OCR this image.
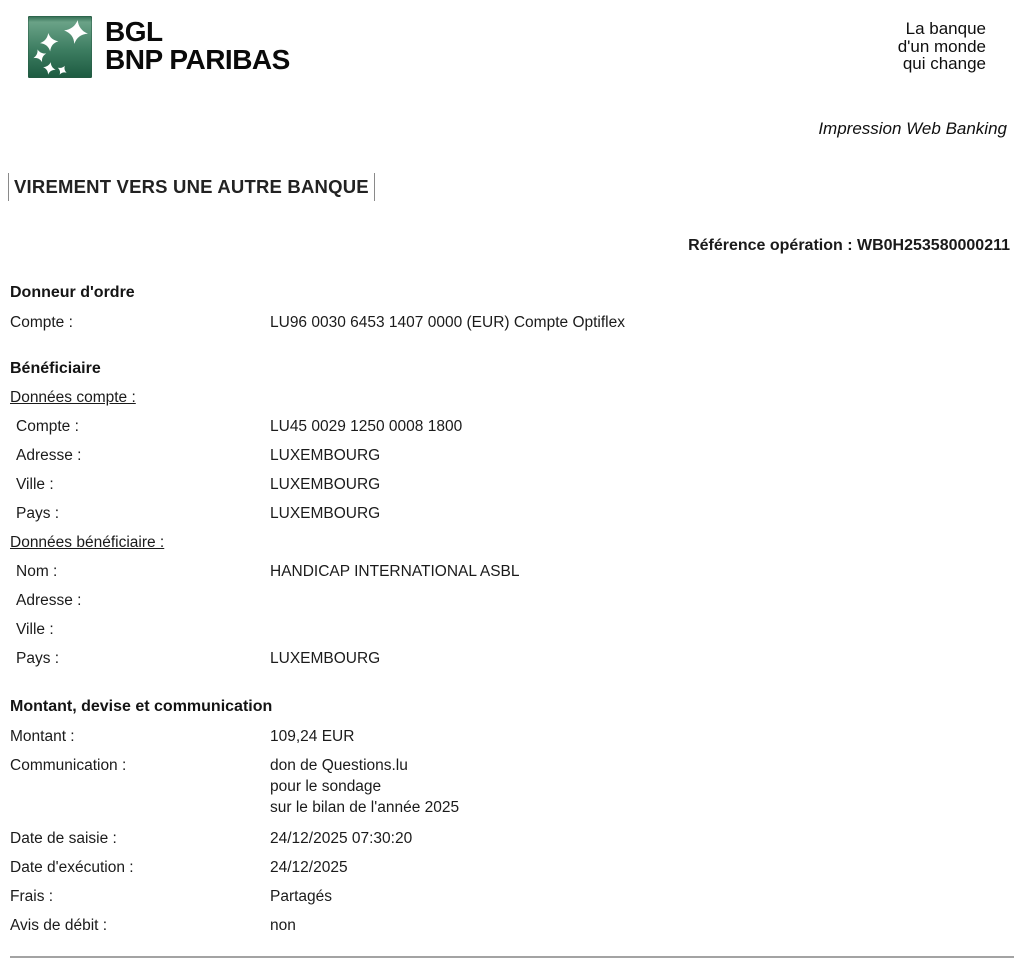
BGL
BNP PARIBAS
La banque
d'un monde
qui change
Impression Web Banking
VIREMENT VERS UNE AUTRE BANQUE
Référence opération : WB0H253580000211
Donneur d'ordre
Compte :	LU96 0030 6453 1407 0000 (EUR) Compte Optiflex
Bénéficiaire
Données compte :
Compte :	LU45 0029 1250 0008 1800
Adresse :	LUXEMBOURG
Ville :	LUXEMBOURG
Pays :	LUXEMBOURG
Données bénéficiaire :
Nom :	HANDICAP INTERNATIONAL ASBL
Adresse :
Ville :
Pays :	LUXEMBOURG
Montant, devise et communication
Montant :	109,24 EUR
Communication :	don de Questions.lu
pour le sondage
sur le bilan de l'année 2025
Date de saisie :	24/12/2025 07:30:20
Date d'exécution :	24/12/2025
Frais :	Partagés
Avis de débit :	non
